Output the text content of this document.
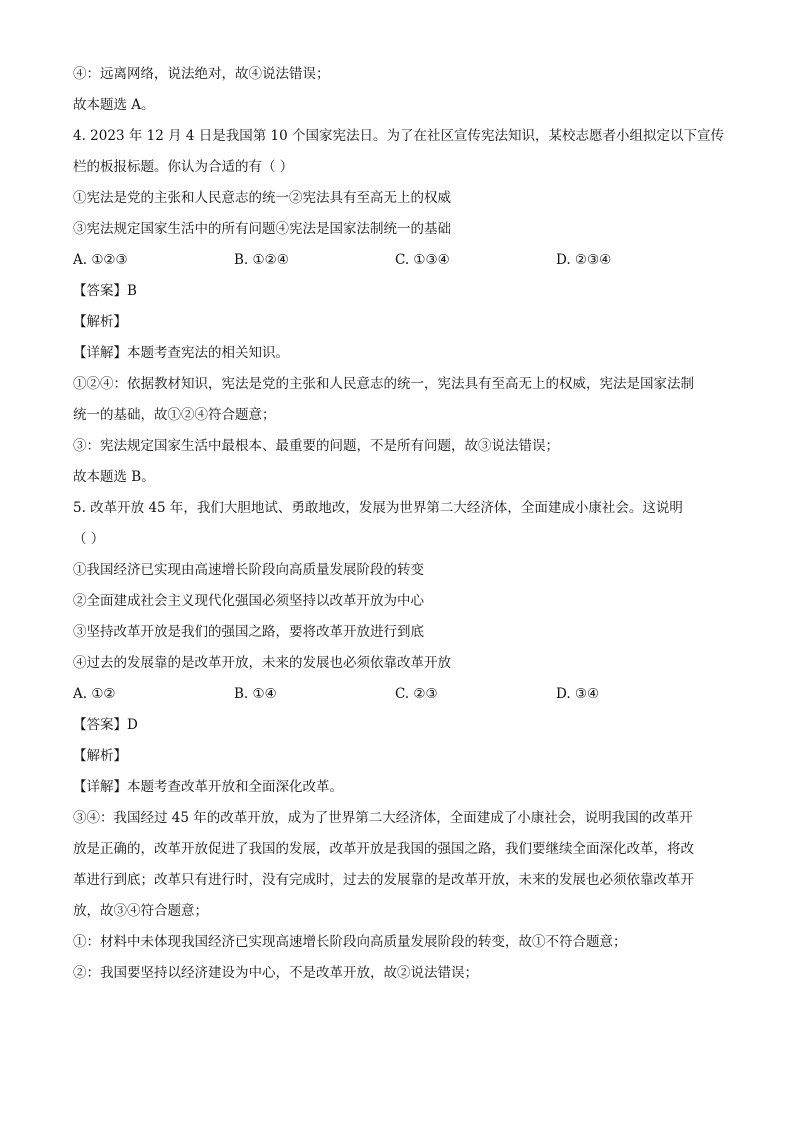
④：远离网络，说法绝对，故④说法错误；
故本题选 A。
4. 2023 年 12 月 4 日是我国第 10 个国家宪法日。为了在社区宣传宪法知识，某校志愿者小组拟定以下宣传
栏的板报标题。你认为合适的有（ ）
①宪法是党的主张和人民意志的统一②宪法具有至高无上的权威
③宪法规定国家生活中的所有问题④宪法是国家法制统一的基础
A. ①②③	B. ①②④	C. ①③④	D. ②③④
【答案】B
【解析】
【详解】本题考查宪法的相关知识。
①②④：依据教材知识，宪法是党的主张和人民意志的统一，宪法具有至高无上的权威，宪法是国家法制
统一的基础，故①②④符合题意；
③：宪法规定国家生活中最根本、最重要的问题，不是所有问题，故③说法错误；
故本题选 B。
5. 改革开放 45 年，我们大胆地试、勇敢地改，发展为世界第二大经济体，全面建成小康社会。这说明
（ ）
①我国经济已实现由高速增长阶段向高质量发展阶段的转变
②全面建成社会主义现代化强国必须坚持以改革开放为中心
③坚持改革开放是我们的强国之路，要将改革开放进行到底
④过去的发展靠的是改革开放，未来的发展也必须依靠改革开放
A. ①②	B. ①④	C. ②③	D. ③④
【答案】D
【解析】
【详解】本题考查改革开放和全面深化改革。
③④：我国经过 45 年的改革开放，成为了世界第二大经济体，全面建成了小康社会，说明我国的改革开
放是正确的，改革开放促进了我国的发展，改革开放是我国的强国之路，我们要继续全面深化改革，将改
革进行到底；改革只有进行时，没有完成时，过去的发展靠的是改革开放，未来的发展也必须依靠改革开
放，故③④符合题意；
①：材料中未体现我国经济已实现高速增长阶段向高质量发展阶段的转变，故①不符合题意；
②：我国要坚持以经济建设为中心，不是改革开放，故②说法错误；
